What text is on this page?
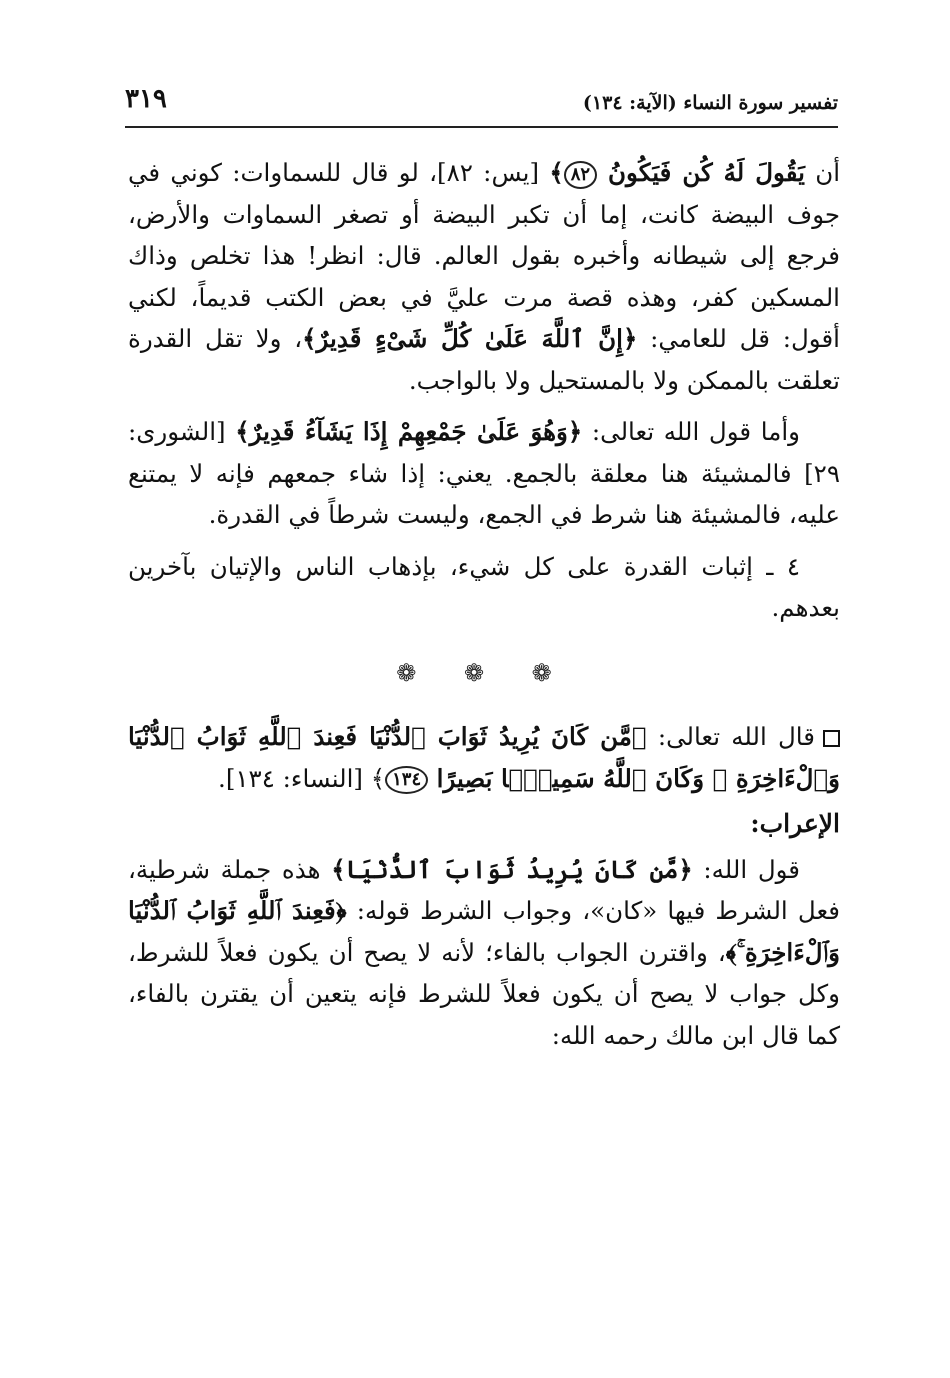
تفسير سورة النساء (الآية: ١٣٤)
٣١٩

أن يَقُولَ لَهُ كُن فَيَكُونُ ٨٢﴾ [يس: ٨٢]، لو قال للسماوات: كوني في جوف البيضة كانت، إما أن تكبر البيضة أو تصغر السماوات والأرض، فرجع إلى شيطانه وأخبره بقول العالم. قال: انظر! هذا تخلص وذاك المسكين كفر، وهذه قصة مرت عليَّ في بعض الكتب قديماً، لكني أقول: قل للعامي: ﴿إِنَّ ٱللَّهَ عَلَىٰ كُلِّ شَىْءٍ قَدِيرٌ﴾، ولا تقل القدرة تعلقت بالممكن ولا بالمستحيل ولا بالواجب.

وأما قول الله تعالى: ﴿وَهُوَ عَلَىٰ جَمْعِهِمْ إِذَا يَشَآءُ قَدِيرٌ﴾ [الشورى: ٢٩] فالمشيئة هنا معلقة بالجمع. يعني: إذا شاء جمعهم فإنه لا يمتنع عليه، فالمشيئة هنا شرط في الجمع، وليست شرطاً في القدرة.

٤ ـ إثبات القدرة على كل شيء، بإذهاب الناس والإتيان بآخرين بعدهم.

❁ ❁ ❁

قال الله تعالى: ﴿مَّن كَانَ يُرِيدُ ثَوَابَ ٱلدُّنْيَا فَعِندَ ٱللَّهِ ثَوَابُ ٱلدُّنْيَا وَٱلْءَاخِرَةِ ۚ وَكَانَ ٱللَّهُ سَمِيعًۢا بَصِيرًا ١٣٤﴾ [النساء: ١٣٤].

الإعراب:

قول الله: ﴿مَّن كَانَ يُرِيدُ ثَوَابَ ٱلدُّنْيَا﴾ هذه جملة شرطية، فعل الشرط فيها «كان»، وجواب الشرط قوله: ﴿فَعِندَ ٱللَّهِ ثَوَابُ ٱلدُّنْيَا وَٱلْءَاخِرَةِ ۚ﴾، واقترن الجواب بالفاء؛ لأنه لا يصح أن يكون فعلاً للشرط، وكل جواب لا يصح أن يكون فعلاً للشرط فإنه يتعين أن يقترن بالفاء، كما قال ابن مالك رحمه الله:
